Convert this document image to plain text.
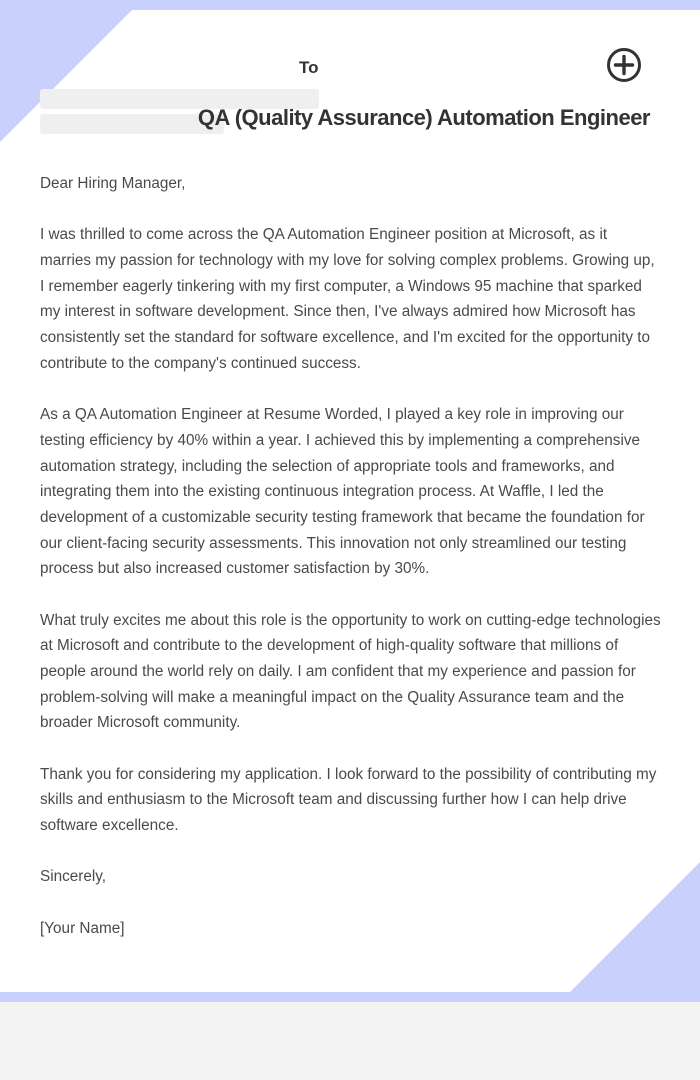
To
QA (Quality Assurance) Automation Engineer

Dear Hiring Manager,

I was thrilled to come across the QA Automation Engineer position at Microsoft, as it marries my passion for technology with my love for solving complex problems. Growing up, I remember eagerly tinkering with my first computer, a Windows 95 machine that sparked my interest in software development. Since then, I've always admired how Microsoft has consistently set the standard for software excellence, and I'm excited for the opportunity to contribute to the company's continued success.

As a QA Automation Engineer at Resume Worded, I played a key role in improving our testing efficiency by 40% within a year. I achieved this by implementing a comprehensive automation strategy, including the selection of appropriate tools and frameworks, and integrating them into the existing continuous integration process. At Waffle, I led the development of a customizable security testing framework that became the foundation for our client-facing security assessments. This innovation not only streamlined our testing process but also increased customer satisfaction by 30%.

What truly excites me about this role is the opportunity to work on cutting-edge technologies at Microsoft and contribute to the development of high-quality software that millions of people around the world rely on daily. I am confident that my experience and passion for problem-solving will make a meaningful impact on the Quality Assurance team and the broader Microsoft community.

Thank you for considering my application. I look forward to the possibility of contributing my skills and enthusiasm to the Microsoft team and discussing further how I can help drive software excellence.

Sincerely,

[Your Name]
